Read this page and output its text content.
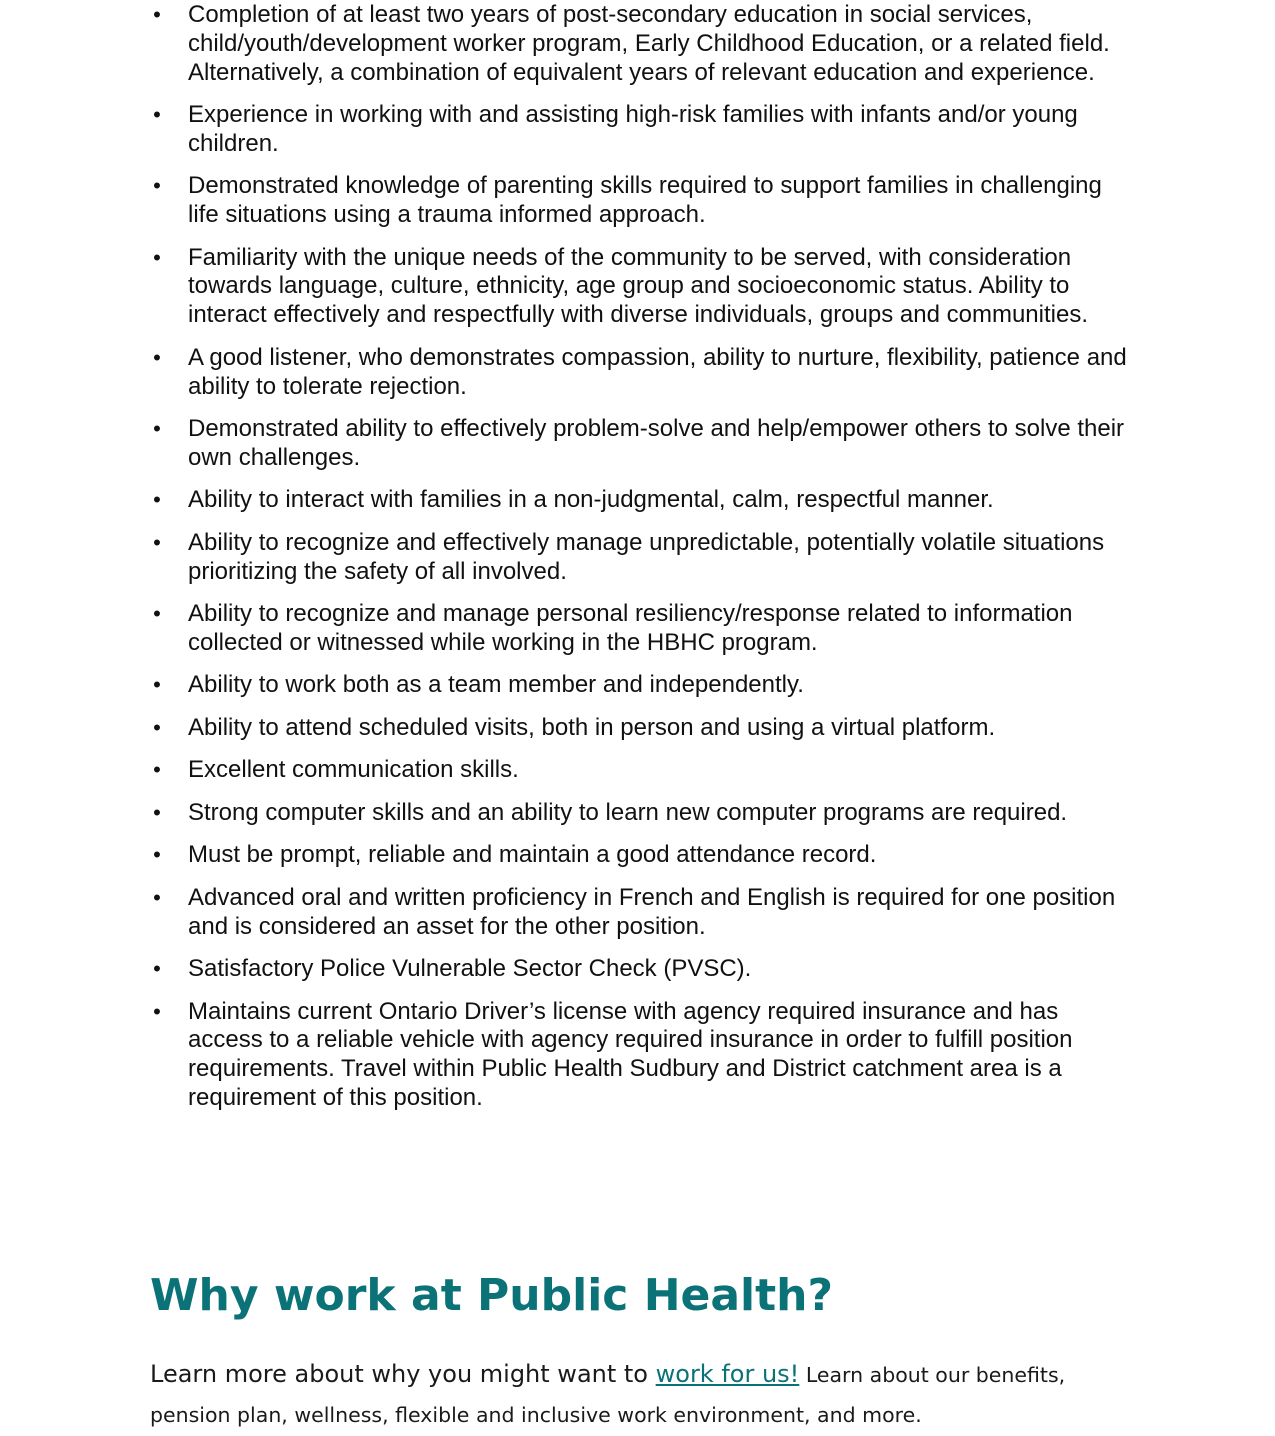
• Completion of at least two years of post-secondary education in social services, child/youth/development worker program, Early Childhood Education, or a related field. Alternatively, a combination of equivalent years of relevant education and experience.
• Experience in working with and assisting high-risk families with infants and/or young children.
• Demonstrated knowledge of parenting skills required to support families in challenging life situations using a trauma informed approach.
• Familiarity with the unique needs of the community to be served, with consideration towards language, culture, ethnicity, age group and socioeconomic status. Ability to interact effectively and respectfully with diverse individuals, groups and communities.
• A good listener, who demonstrates compassion, ability to nurture, flexibility, patience and ability to tolerate rejection.
• Demonstrated ability to effectively problem-solve and help/empower others to solve their own challenges.
• Ability to interact with families in a non-judgmental, calm, respectful manner.
• Ability to recognize and effectively manage unpredictable, potentially volatile situations prioritizing the safety of all involved.
• Ability to recognize and manage personal resiliency/response related to information collected or witnessed while working in the HBHC program.
• Ability to work both as a team member and independently.
• Ability to attend scheduled visits, both in person and using a virtual platform.
• Excellent communication skills.
• Strong computer skills and an ability to learn new computer programs are required.
• Must be prompt, reliable and maintain a good attendance record.
• Advanced oral and written proficiency in French and English is required for one position and is considered an asset for the other position.
• Satisfactory Police Vulnerable Sector Check (PVSC).
• Maintains current Ontario Driver’s license with agency required insurance and has access to a reliable vehicle with agency required insurance in order to fulfill position requirements. Travel within Public Health Sudbury and District catchment area is a requirement of this position.
Why work at Public Health?

Learn more about why you might want to work for us! Learn about our benefits, pension plan, wellness, flexible and inclusive work environment, and more.
